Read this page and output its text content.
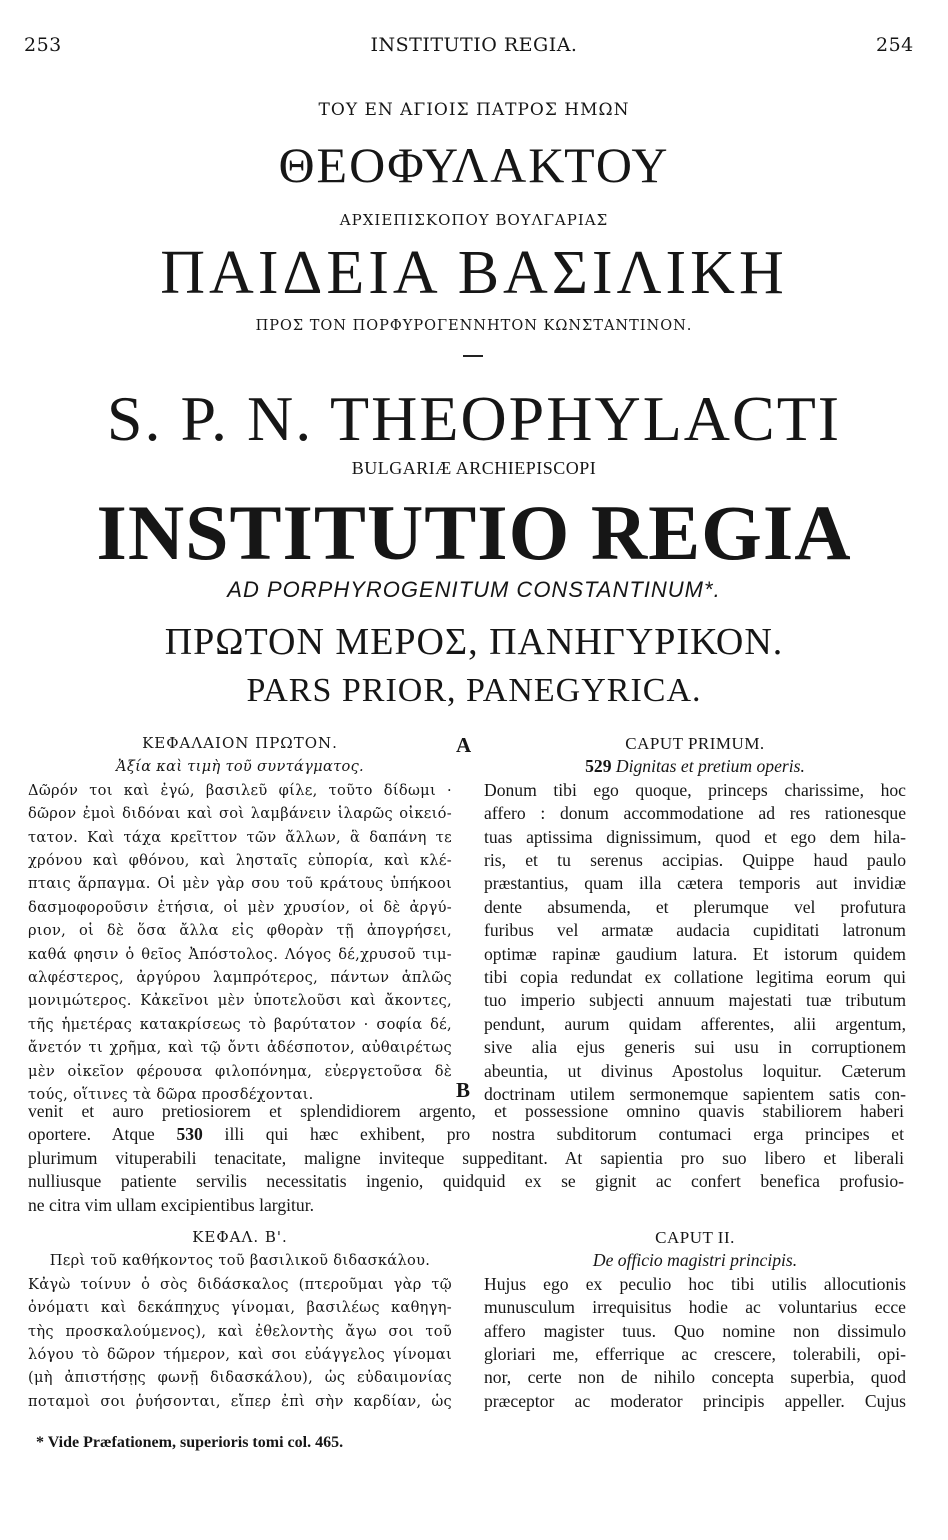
253	INSTITUTIO REGIA.	254
ΤΟΥ ΕΝ ΑΓΙΟΙΣ ΠΑΤΡΟΣ ΗΜΩΝ
ΘΕΟΦΥΛΑΚΤΟΥ
ΑΡΧΙΕΠΙΣΚΟΠΟΥ ΒΟΥΛΓΑΡΙΑΣ
ΠΑΙΔΕΙΑ ΒΑΣΙΛΙΚΗ
ΠΡΟΣ ΤΟΝ ΠΟΡΦΥΡΟΓΕΝΝΗΤΟΝ ΚΩΝΣΤΑΝΤΙΝΟΝ.
S. P. N. THEOPHYLACTI
BULGARIÆ ARCHIEPISCOPI
INSTITUTIO REGIA
AD PORPHYROGENITUM CONSTANTINUM*.
ΠΡΩΤΟΝ ΜΕΡΟΣ, ΠΑΝΗΓΥΡΙΚΟΝ.
PARS PRIOR, PANEGYRICA.
A
B
ΚΕΦΑΛΑΙΟΝ ΠΡΩΤΟΝ.
Ἀξία καὶ τιμὴ τοῦ συντάγματος.
Δῶρόν τοι καὶ ἐγώ, βασιλεῦ φίλε, τοῦτο δίδωμι ·
δῶρον ἐμοὶ διδόναι καὶ σοὶ λαμβάνειν ἱλαρῶς οἰκειό-
τατον. Καὶ τάχα κρεῖττον τῶν ἄλλων, ἃ δαπάνη τε
χρόνου καὶ φθόνου, καὶ λησταῖς εὐπορία, καὶ κλέ-
πταις ἅρπαγμα. Οἱ μὲν γὰρ σου τοῦ κράτους ὑπήκοοι
δασμοφοροῦσιν ἐτήσια, οἱ μὲν χρυσίον, οἱ δὲ ἀργύ-
ριον, οἱ δὲ ὅσα ἄλλα εἰς φθορὰν τῇ ἀπογρήσει,
καθά φησιν ὁ θεῖος Ἀπόστολος. Λόγος δέ,χρυσοῦ τιμ-
αλφέστερος, ἀργύρου λαμπρότερος, πάντων ἁπλῶς
μονιμώτερος. Κἀκεῖνοι μὲν ὑποτελοῦσι καὶ ἄκοντες,
τῆς ἡμετέρας κατακρίσεως τὸ βαρύτατον · σοφία δέ,
ἄνετόν τι χρῆμα, καὶ τῷ ὄντι ἀδέσποτον, αὐθαιρέτως
μὲν οἰκεῖον φέρουσα φιλοπόνημα, εὐεργετοῦσα δὲ
τούς, οἵτινες τὰ δῶρα προσδέχονται.
CAPUT PRIMUM.
529 Dignitas et pretium operis.
Donum tibi ego quoque, princeps charissime, hoc
affero : donum accommodatione ad res rationesque
tuas aptissima dignissimum, quod et ego dem hila-
ris, et tu serenus accipias. Quippe haud paulo
præstantius, quam illa cætera temporis aut invidiæ
dente absumenda, et plerumque vel profutura
furibus vel armatæ audacia cupiditati latronum
optimæ rapinæ gaudium latura. Et istorum quidem
tibi copia redundat ex collatione legitima eorum qui
tuo imperio subjecti annuum majestati tuæ tributum
pendunt, aurum quidam afferentes, alii argentum,
sive alia ejus generis sui usu in corruptionem
abeuntia, ut divinus Apostolus loquitur. Cæterum
doctrinam utilem sermonemque sapientem satis con-
venit et auro pretiosiorem et splendidiorem argento, et possessione omnino quavis stabiliorem haberi
oportere. Atque 530 illi qui hæc exhibent, pro nostra subditorum contumaci erga principes et
plurimum vituperabili tenacitate, maligne inviteque suppeditant. At sapientia pro suo libero et liberali
nulliusque patiente servilis necessitatis ingenio, quidquid ex se gignit ac confert benefica profusio-
ne citra vim ullam excipientibus largitur.
ΚΕΦΑΛ. Β'.
Περὶ τοῦ καθήκοντος τοῦ βασιλικοῦ διδασκάλου.
Κἀγὼ τοίνυν ὁ σὸς διδάσκαλος (πτεροῦμαι γὰρ τῷ
ὀνόματι καὶ δεκάπηχυς γίνομαι, βασιλέως καθηγη-
τὴς προσκαλούμενος), καὶ ἐθελοντὴς ἄγω σοι τοῦ
λόγου τὸ δῶρον τήμερον, καὶ σοι εὐάγγελος γίνομαι
(μὴ ἀπιστήσῃς φωνῇ διδασκάλου), ὡς εὐδαιμονίας
ποταμοὶ σοι ῥυήσονται, εἴπερ ἐπὶ σὴν καρδίαν, ὡς
CAPUT II.
De officio magistri principis.
Hujus ego ex peculio hoc tibi utilis allocutionis
munusculum irrequisitus hodie ac voluntarius ecce
affero magister tuus. Quo nomine non dissimulo
gloriari me, efferrique ac crescere, tolerabili, opi-
nor, certe non de nihilo concepta superbia, quod
præceptor ac moderator principis appeller. Cujus
* Vide Præfationem, superioris tomi col. 465.
